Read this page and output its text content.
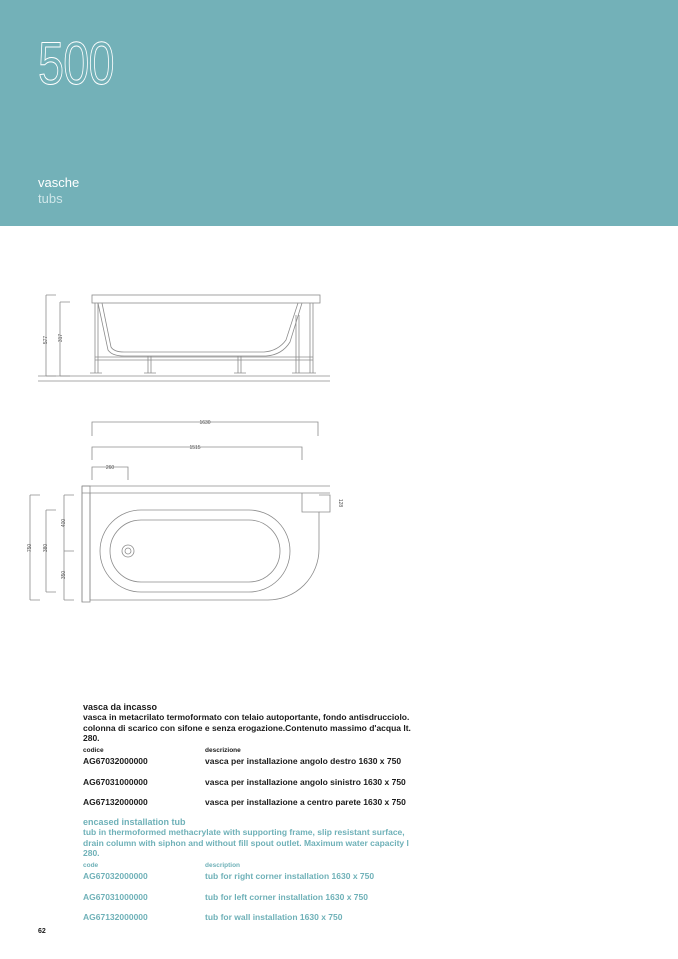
500
vasche
tubs
577 317
1630
1515
260
750 380
400
350
128
vasca da incasso
vasca in metacrilato termoformato con telaio autoportante, fondo antisdrucciolo. colonna di scarico con sifone e senza erogazione.Contenuto massimo d'acqua lt. 280.
codice	descrizione
AG67032000000	vasca per installazione angolo destro 1630 x 750
AG67031000000	vasca per installazione angolo sinistro 1630 x 750
AG67132000000	vasca per installazione a centro parete 1630 x 750
encased installation tub
tub in thermoformed methacrylate with supporting frame, slip resistant surface, drain column with siphon and without fill spout outlet. Maximum water capacity l 280.
code	description
AG67032000000	tub for right corner installation 1630 x 750
AG67031000000	tub for left corner installation 1630 x 750
AG67132000000	tub for wall installation 1630 x 750
62
